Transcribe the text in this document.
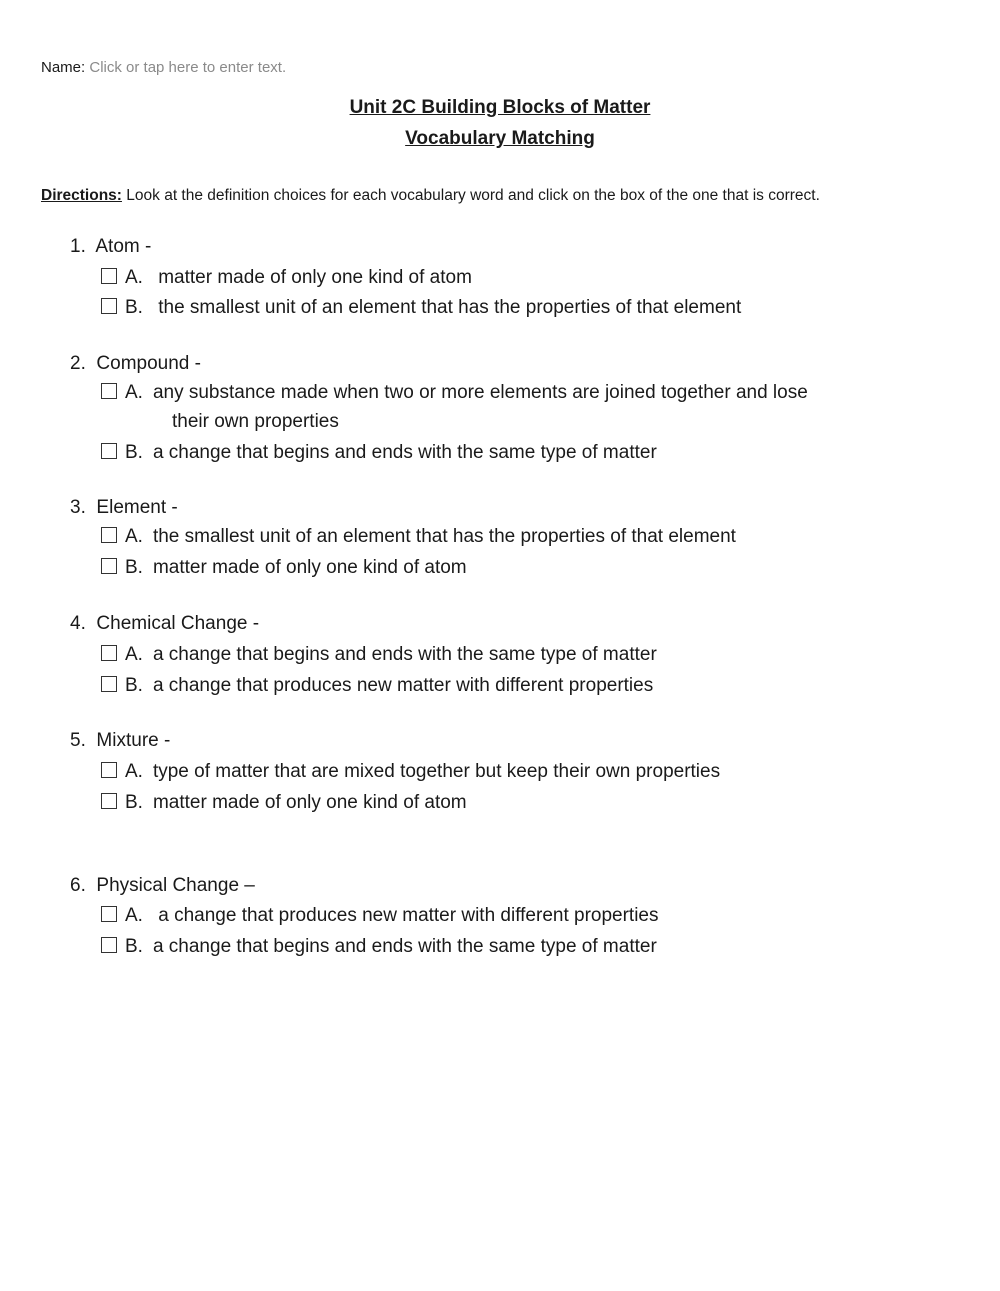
Name: Click or tap here to enter text.
Unit 2C Building Blocks of Matter
Vocabulary Matching
Directions: Look at the definition choices for each vocabulary word and click on the box of the one that is correct.
1. Atom -
A. matter made of only one kind of atom
B. the smallest unit of an element that has the properties of that element
2. Compound -
A. any substance made when two or more elements are joined together and lose
their own properties
B. a change that begins and ends with the same type of matter
3. Element -
A. the smallest unit of an element that has the properties of that element
B. matter made of only one kind of atom
4. Chemical Change -
A. a change that begins and ends with the same type of matter
B. a change that produces new matter with different properties
5. Mixture -
A. type of matter that are mixed together but keep their own properties
B. matter made of only one kind of atom
6. Physical Change –
A. a change that produces new matter with different properties
B. a change that begins and ends with the same type of matter
